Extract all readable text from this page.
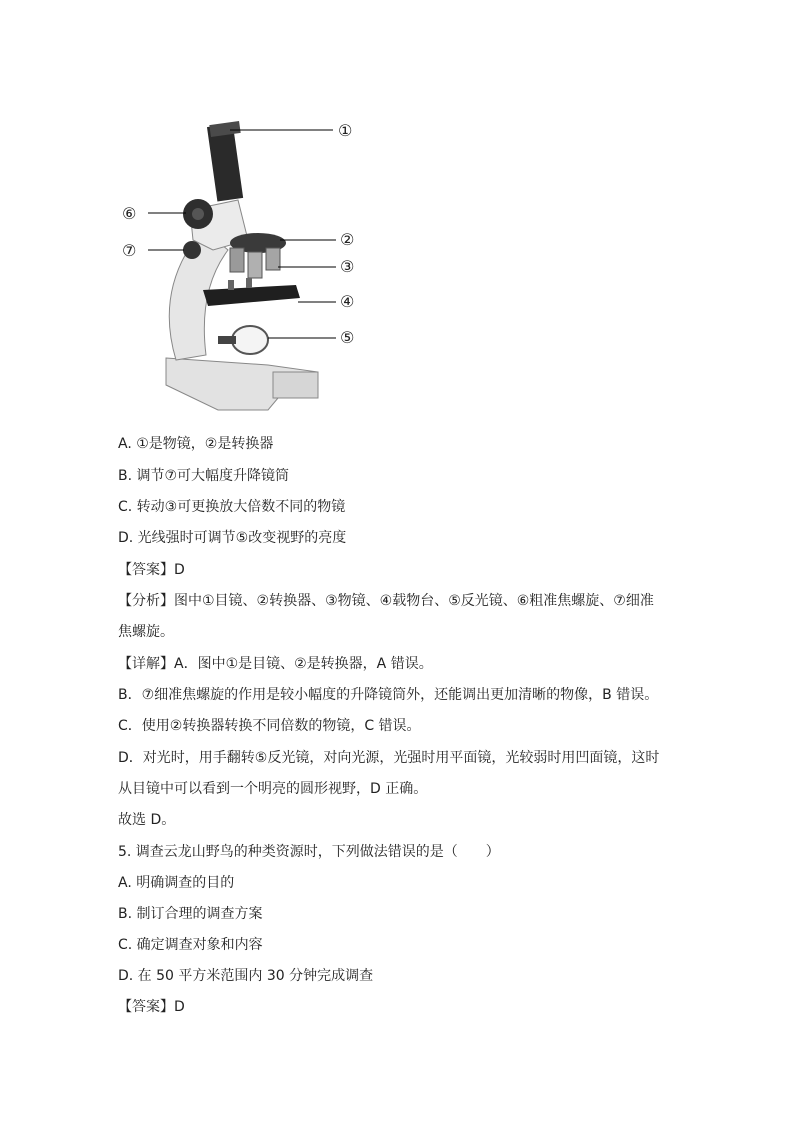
①
②
③
④
⑤
⑥
⑦
A. ①是物镜，②是转换器
B. 调节⑦可大幅度升降镜筒
C. 转动③可更换放大倍数不同的物镜
D. 光线强时可调节⑤改变视野的亮度
【答案】D
【分析】图中①目镜、②转换器、③物镜、④载物台、⑤反光镜、⑥粗准焦螺旋、⑦细准
焦螺旋。
【详解】A．图中①是目镜、②是转换器，A 错误。
B．⑦细准焦螺旋的作用是较小幅度的升降镜筒外，还能调出更加清晰的物像，B 错误。
C．使用②转换器转换不同倍数的物镜，C 错误。
D．对光时，用手翻转⑤反光镜，对向光源，光强时用平面镜，光较弱时用凹面镜，这时
从目镜中可以看到一个明亮的圆形视野，D 正确。
故选 D。
5. 调查云龙山野鸟的种类资源时，下列做法错误的是（　　）
A. 明确调查的目的
B. 制订合理的调查方案
C. 确定调查对象和内容
D. 在 50 平方米范围内 30 分钟完成调查
【答案】D
